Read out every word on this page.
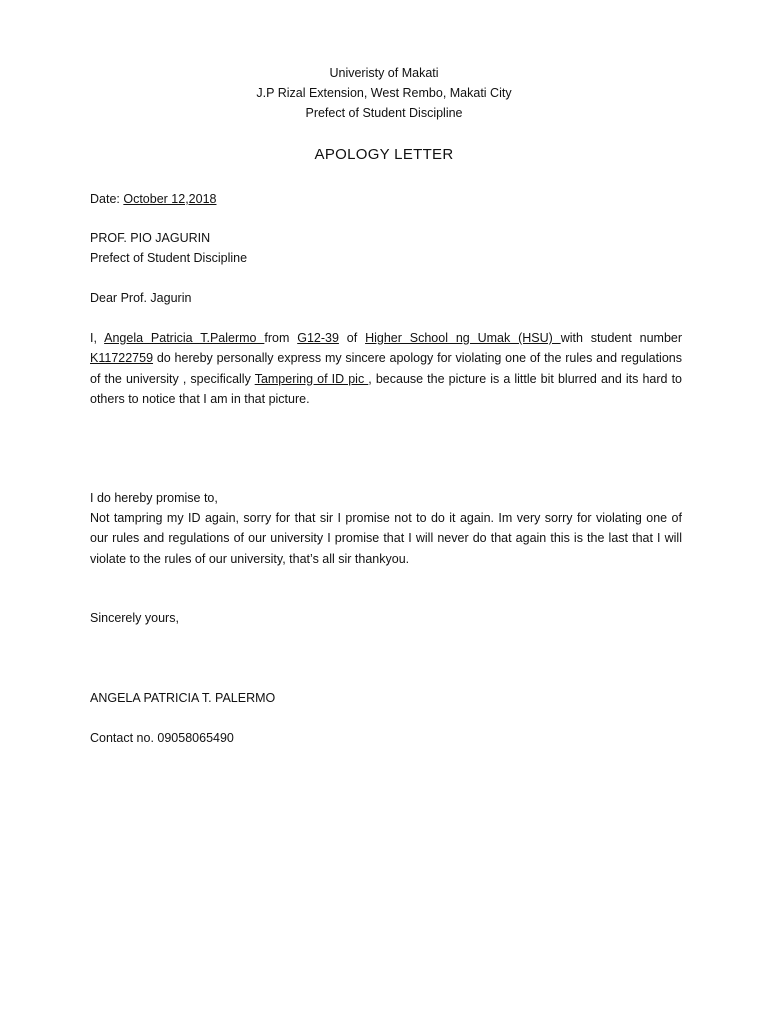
Univeristy of Makati
J.P Rizal Extension, West Rembo, Makati City
Prefect of Student Discipline
APOLOGY LETTER
Date: October 12,2018
PROF. PIO JAGURIN
Prefect of Student Discipline
Dear Prof. Jagurin
I, Angela Patricia T.Palermo from G12-39 of Higher School ng Umak (HSU) with student number K11722759 do hereby personally express my sincere apology for violating one of the rules and regulations of the university , specifically Tampering of ID pic , because the picture is a little bit blurred and its hard to others to notice that I am in that picture.
I do hereby promise to,
Not tampring my ID again, sorry for that sir I promise not to do it again. Im very sorry for violating one of our rules and regulations of our university I promise that I will never do that again this is the last that I will violate to the rules of our university, that’s all sir thankyou.
Sincerely yours,
ANGELA PATRICIA T. PALERMO
Contact no. 09058065490
